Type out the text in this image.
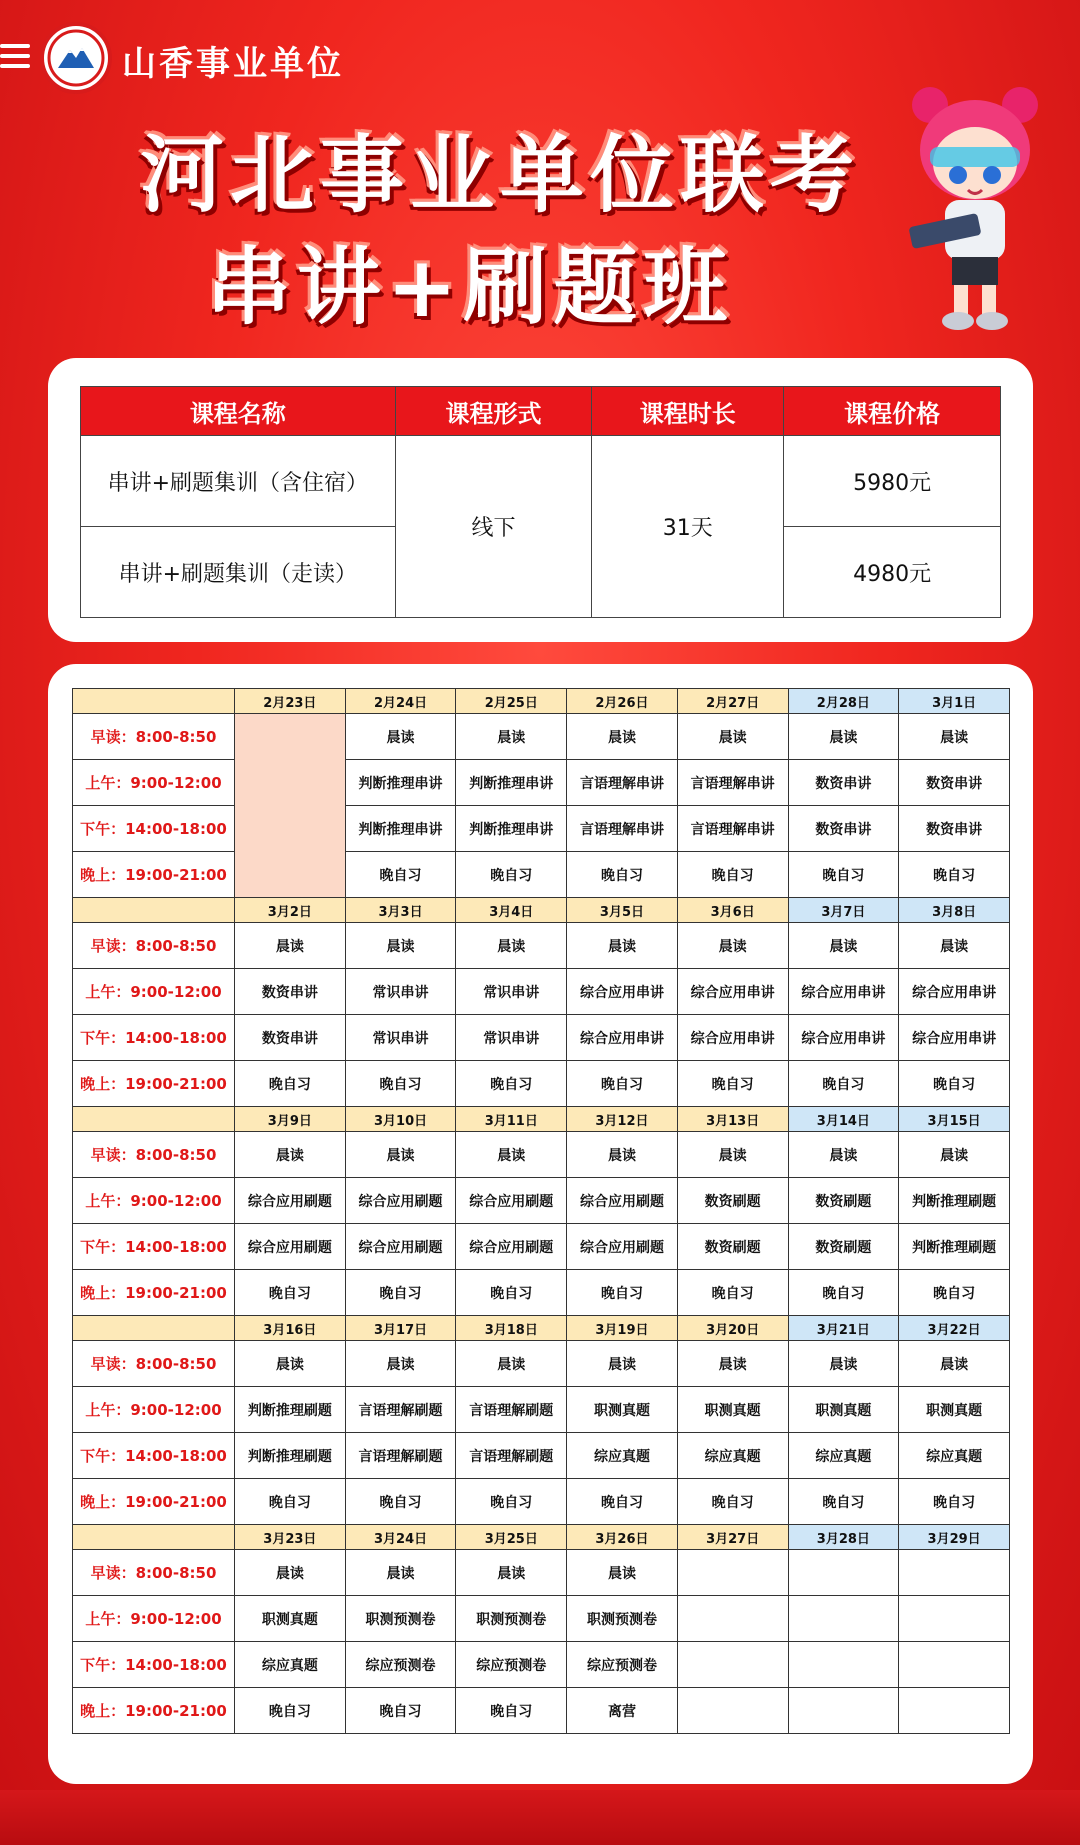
山香事业单位
河北事业单位联考
串讲+刷题班
课程名称	课程形式	课程时长	课程价格
串讲+刷题集训（含住宿）	线下	31天	5980元
串讲+刷题集训（走读）			4980元
	2月23日	2月24日	2月25日	2月26日	2月27日	2月28日	3月1日
早读：8:00-8:50		晨读	晨读	晨读	晨读	晨读	晨读
上午：9:00-12:00		判断推理串讲	判断推理串讲	言语理解串讲	言语理解串讲	数资串讲	数资串讲
下午：14:00-18:00		判断推理串讲	判断推理串讲	言语理解串讲	言语理解串讲	数资串讲	数资串讲
晚上：19:00-21:00		晚自习	晚自习	晚自习	晚自习	晚自习	晚自习
	3月2日	3月3日	3月4日	3月5日	3月6日	3月7日	3月8日
早读：8:00-8:50	晨读	晨读	晨读	晨读	晨读	晨读	晨读
上午：9:00-12:00	数资串讲	常识串讲	常识串讲	综合应用串讲	综合应用串讲	综合应用串讲	综合应用串讲
下午：14:00-18:00	数资串讲	常识串讲	常识串讲	综合应用串讲	综合应用串讲	综合应用串讲	综合应用串讲
晚上：19:00-21:00	晚自习	晚自习	晚自习	晚自习	晚自习	晚自习	晚自习
	3月9日	3月10日	3月11日	3月12日	3月13日	3月14日	3月15日
早读：8:00-8:50	晨读	晨读	晨读	晨读	晨读	晨读	晨读
上午：9:00-12:00	综合应用刷题	综合应用刷题	综合应用刷题	综合应用刷题	数资刷题	数资刷题	判断推理刷题
下午：14:00-18:00	综合应用刷题	综合应用刷题	综合应用刷题	综合应用刷题	数资刷题	数资刷题	判断推理刷题
晚上：19:00-21:00	晚自习	晚自习	晚自习	晚自习	晚自习	晚自习	晚自习
	3月16日	3月17日	3月18日	3月19日	3月20日	3月21日	3月22日
早读：8:00-8:50	晨读	晨读	晨读	晨读	晨读	晨读	晨读
上午：9:00-12:00	判断推理刷题	言语理解刷题	言语理解刷题	职测真题	职测真题	职测真题	职测真题
下午：14:00-18:00	判断推理刷题	言语理解刷题	言语理解刷题	综应真题	综应真题	综应真题	综应真题
晚上：19:00-21:00	晚自习	晚自习	晚自习	晚自习	晚自习	晚自习	晚自习
	3月23日	3月24日	3月25日	3月26日	3月27日	3月28日	3月29日
早读：8:00-8:50	晨读	晨读	晨读	晨读			
上午：9:00-12:00	职测真题	职测预测卷	职测预测卷	职测预测卷			
下午：14:00-18:00	综应真题	综应预测卷	综应预测卷	综应预测卷			
晚上：19:00-21:00	晚自习	晚自习	晚自习	离营			
